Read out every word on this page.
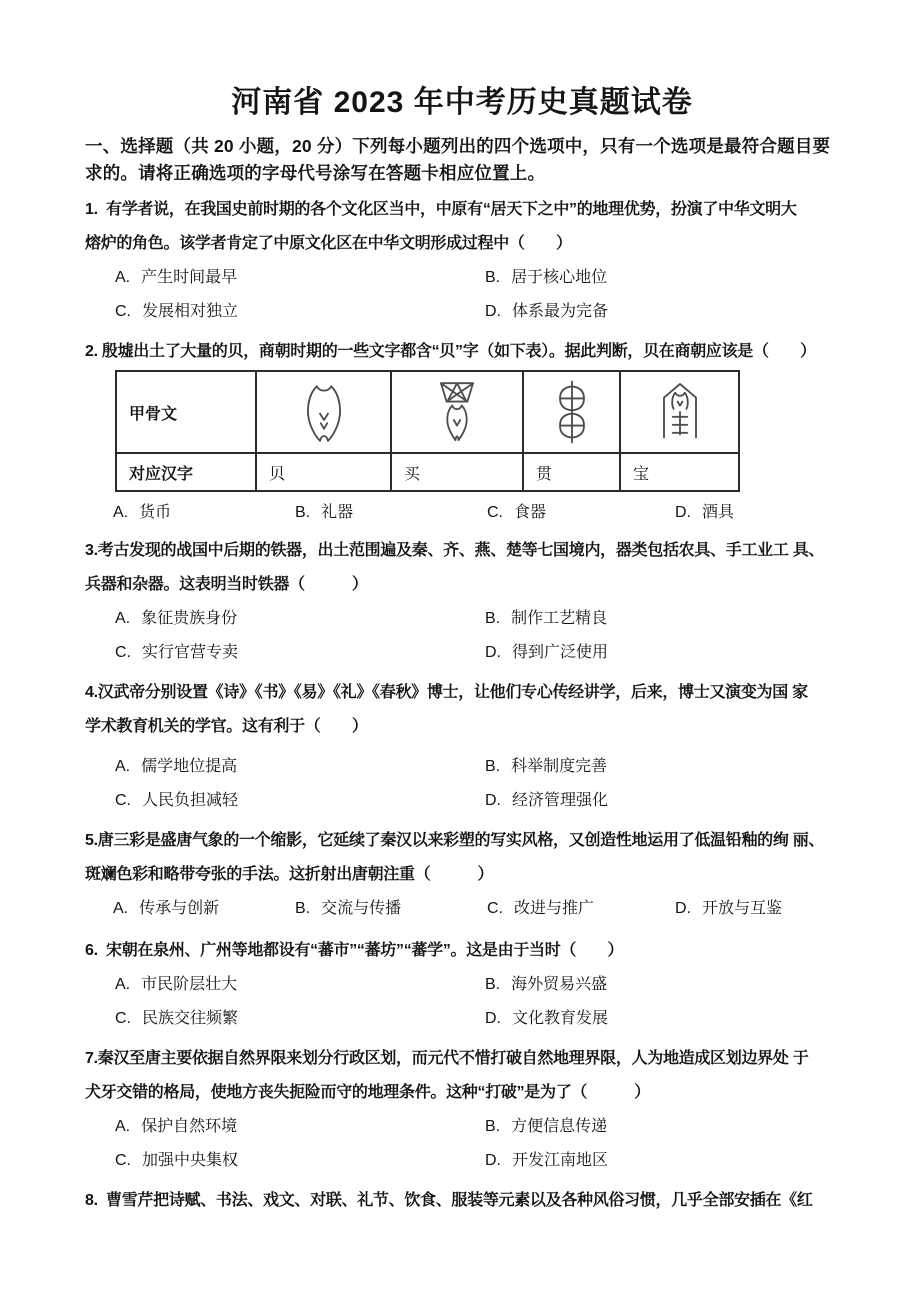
河南省 2023 年中考历史真题试卷
一、选择题（共 20 小题，20 分）下列每小题列出的四个选项中，只有一个选项是最符合题目要
求的。请将正确选项的字母代号涂写在答题卡相应位置上。
1.  有学者说，在我国史前时期的各个文化区当中，中原有“居天下之中”的地理优势，扮演了中华文明大
熔炉的角色。该学者肯定了中原文化区在中华文明形成过程中（　　）
A. 产生时间最早	B. 居于核心地位
C. 发展相对独立	D. 体系最为完备
2. 殷墟出土了大量的贝，商朝时期的一些文字都含“贝”字（如下表）。据此判断，贝在商朝应该是（　　）
甲骨文				
对应汉字	贝	买	贯	宝
A. 货币	B. 礼器	C. 食器	D. 酒具
3.考古发现的战国中后期的铁器，出土范围遍及秦、齐、燕、楚等七国境内，器类包括农具、手工业工 具、
兵器和杂器。这表明当时铁器（　　　）
A. 象征贵族身份	B. 制作工艺精良
C. 实行官营专卖	D. 得到广泛使用
4.汉武帝分别设置《诗》《书》《易》《礼》《春秋》博士，让他们专心传经讲学，后来，博士又演变为国 家
学术教育机关的学官。这有利于（　　）
A. 儒学地位提高	B. 科举制度完善
C. 人民负担减轻	D. 经济管理强化
5.唐三彩是盛唐气象的一个缩影，它延续了秦汉以来彩塑的写实风格，又创造性地运用了低温铅釉的绚 丽、
斑斓色彩和略带夸张的手法。这折射出唐朝注重（　　　）
A. 传承与创新	B. 交流与传播	C. 改进与推广	D. 开放与互鉴
6.  宋朝在泉州、广州等地都设有“蕃市”“蕃坊”“蕃学”。这是由于当时（　　）
A. 市民阶层壮大	B. 海外贸易兴盛
C. 民族交往频繁	D. 文化教育发展
7.秦汉至唐主要依据自然界限来划分行政区划，而元代不惜打破自然地理界限，人为地造成区划边界处 于
犬牙交错的格局，使地方丧失扼险而守的地理条件。这种“打破”是为了（　　　）
A. 保护自然环境	B. 方便信息传递
C. 加强中央集权	D. 开发江南地区
8.  曹雪芹把诗赋、书法、戏文、对联、礼节、饮食、服装等元素以及各种风俗习惯，几乎全部安插在《红
